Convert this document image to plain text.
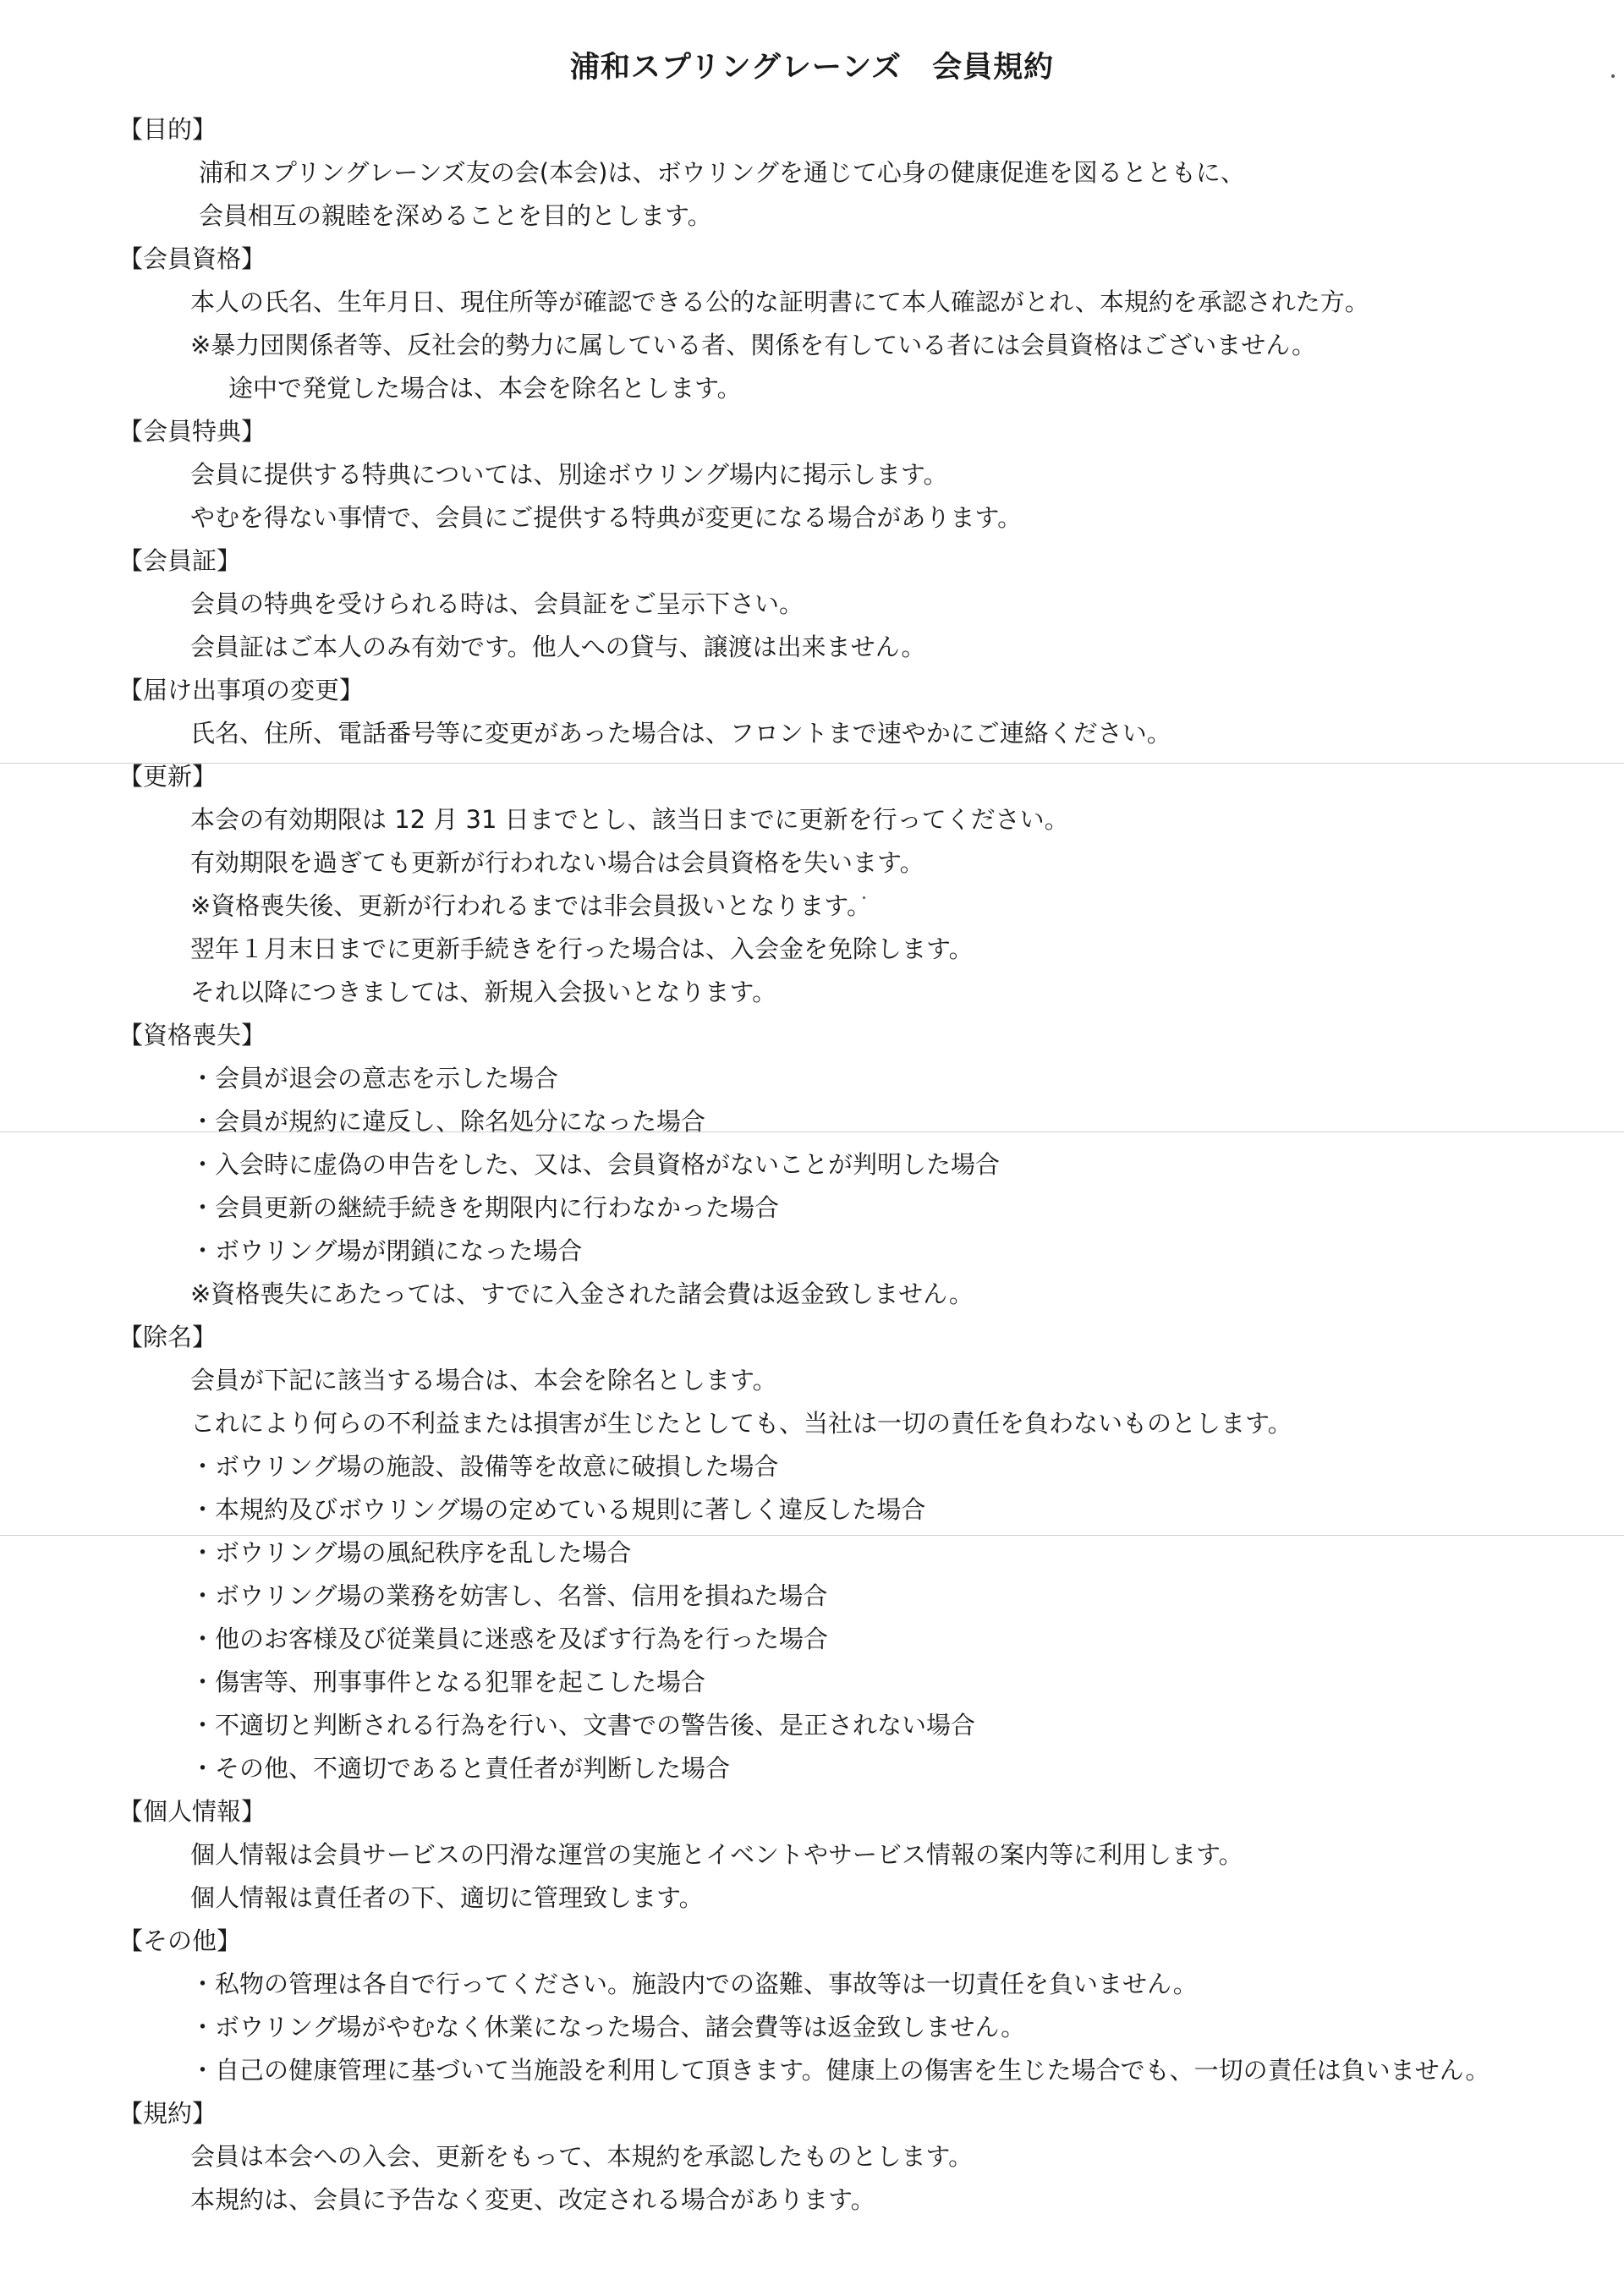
浦和スプリングレーンズ　会員規約
【目的】
浦和スプリングレーンズ友の会(本会)は、ボウリングを通じて心身の健康促進を図るとともに、
会員相互の親睦を深めることを目的とします。
【会員資格】
本人の氏名、生年月日、現住所等が確認できる公的な証明書にて本人確認がとれ、本規約を承認された方。
※暴力団関係者等、反社会的勢力に属している者、関係を有している者には会員資格はございません。
途中で発覚した場合は、本会を除名とします。
【会員特典】
会員に提供する特典については、別途ボウリング場内に掲示します。
やむを得ない事情で、会員にご提供する特典が変更になる場合があります。
【会員証】
会員の特典を受けられる時は、会員証をご呈示下さい。
会員証はご本人のみ有効です。他人への貸与、譲渡は出来ません。
【届け出事項の変更】
氏名、住所、電話番号等に変更があった場合は、フロントまで速やかにご連絡ください。
【更新】
本会の有効期限は 12 月 31 日までとし、該当日までに更新を行ってください。
有効期限を過ぎても更新が行われない場合は会員資格を失います。
※資格喪失後、更新が行われるまでは非会員扱いとなります。
翌年１月末日までに更新手続きを行った場合は、入会金を免除します。
それ以降につきましては、新規入会扱いとなります。
【資格喪失】
・会員が退会の意志を示した場合
・会員が規約に違反し、除名処分になった場合
・入会時に虚偽の申告をした、又は、会員資格がないことが判明した場合
・会員更新の継続手続きを期限内に行わなかった場合
・ボウリング場が閉鎖になった場合
※資格喪失にあたっては、すでに入金された諸会費は返金致しません。
【除名】
会員が下記に該当する場合は、本会を除名とします。
これにより何らの不利益または損害が生じたとしても、当社は一切の責任を負わないものとします。
・ボウリング場の施設、設備等を故意に破損した場合
・本規約及びボウリング場の定めている規則に著しく違反した場合
・ボウリング場の風紀秩序を乱した場合
・ボウリング場の業務を妨害し、名誉、信用を損ねた場合
・他のお客様及び従業員に迷惑を及ぼす行為を行った場合
・傷害等、刑事事件となる犯罪を起こした場合
・不適切と判断される行為を行い、文書での警告後、是正されない場合
・その他、不適切であると責任者が判断した場合
【個人情報】
個人情報は会員サービスの円滑な運営の実施とイベントやサービス情報の案内等に利用します。
個人情報は責任者の下、適切に管理致します。
【その他】
・私物の管理は各自で行ってください。施設内での盗難、事故等は一切責任を負いません。
・ボウリング場がやむなく休業になった場合、諸会費等は返金致しません。
・自己の健康管理に基づいて当施設を利用して頂きます。健康上の傷害を生じた場合でも、一切の責任は負いません。
【規約】
会員は本会への入会、更新をもって、本規約を承認したものとします。
本規約は、会員に予告なく変更、改定される場合があります。
